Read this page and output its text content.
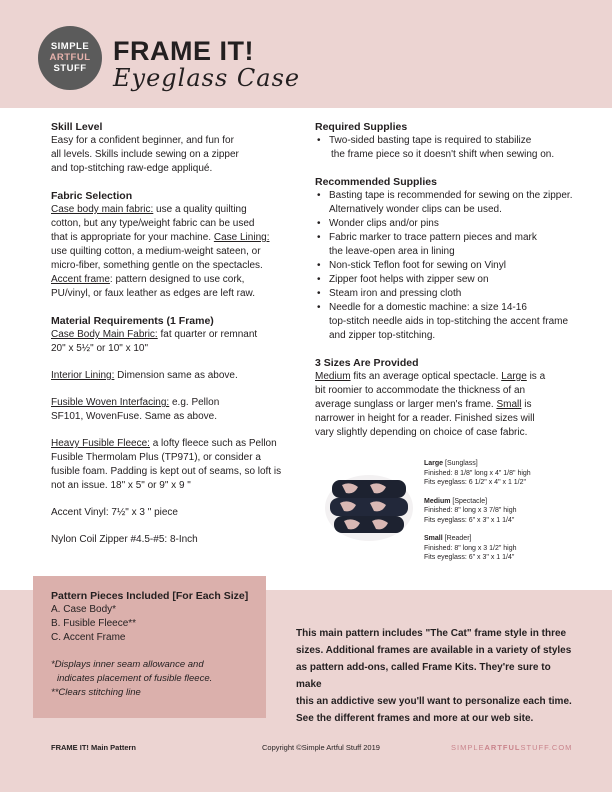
SIMPLE
ARTFUL
STUFF
FRAME IT!
Eyeglass Case
Skill Level

Easy for a confident beginner, and fun for

all levels. Skills include sewing on a zipper

and top-stitching raw-edge appliqué.

Fabric Selection

Case body main fabric: use a quality quilting

cotton, but any type/weight fabric can be used

that is appropriate for your machine. Case Lining:

use quilting cotton, a medium-weight sateen, or

micro-fiber, something gentle on the spectacles.

Accent frame: pattern designed to use cork,

PU/vinyl, or faux leather as edges are left raw.

Material Requirements (1 Frame)

Case Body Main Fabric: fat quarter or remnant

20" x 5½" or 10" x 10"

Interior Lining: Dimension same as above.

Fusible Woven Interfacing: e.g. Pellon

SF101, WovenFuse. Same as above.

Heavy Fusible Fleece: a lofty fleece such as Pellon

Fusible Thermolam Plus (TP971), or consider a

fusible foam. Padding is kept out of seams, so loft is

not an issue. 18" x 5" or 9" x 9 "

Accent Vinyl: 7½" x 3 " piece

Nylon Coil Zipper #4.5-#5: 8-Inch

Required Supplies
• Two-sided basting tape is required to stabilize

the frame piece so it doesn't shift when sewing on.

Recommended Supplies
• Basting tape is recommended for sewing on the zipper.

Alternatively wonder clips can be used.

• Wonder clips and/or pins
• Fabric marker to trace pattern pieces and mark

the leave-open area in lining

• Non-stick Teflon foot for sewing on Vinyl
• Zipper foot helps with zipper sew on
• Steam iron and pressing cloth
• Needle for a domestic machine: a size 14-16

top-stitch needle aids in top-stitching the accent frame

and zipper top-stitching.

3 Sizes Are Provided

Medium fits an average optical spectacle. Large is a

bit roomier to accommodate the thickness of an

average sunglass or larger men's frame. Small is

narrower in height for a reader. Finished sizes will

vary slightly depending on choice of case fabric.

Large [Sunglass]
Finished: 8 1/8" long x 4" 1/8" high
Fits eyeglass: 6 1/2" x 4" x 1 1/2"
Medium [Spectacle]
Finished: 8" long x 3 7/8" high
Fits eyeglass: 6" x 3" x 1 1/4"
Small [Reader]
Finished: 8" long x 3 1/2" high
Fits eyeglass: 6" x 3" x 1 1/4"
Pattern Pieces Included [For Each Size]

A. Case Body*

B. Fusible Fleece**

C. Accent Frame

*Displays inner seam allowance and

indicates placement of fusible fleece.

**Clears stitching line

This main pattern includes "The Cat" frame style in three

sizes. Additional frames are available in a variety of styles

as pattern add-ons, called Frame Kits. They're sure to make

this an addictive sew you'll want to personalize each time.

See the different frames and more at our web site.

FRAME IT! Main Pattern	Copyright ©Simple Artful Stuff 2019	SIMPLEARTFULSTUFF.COM
